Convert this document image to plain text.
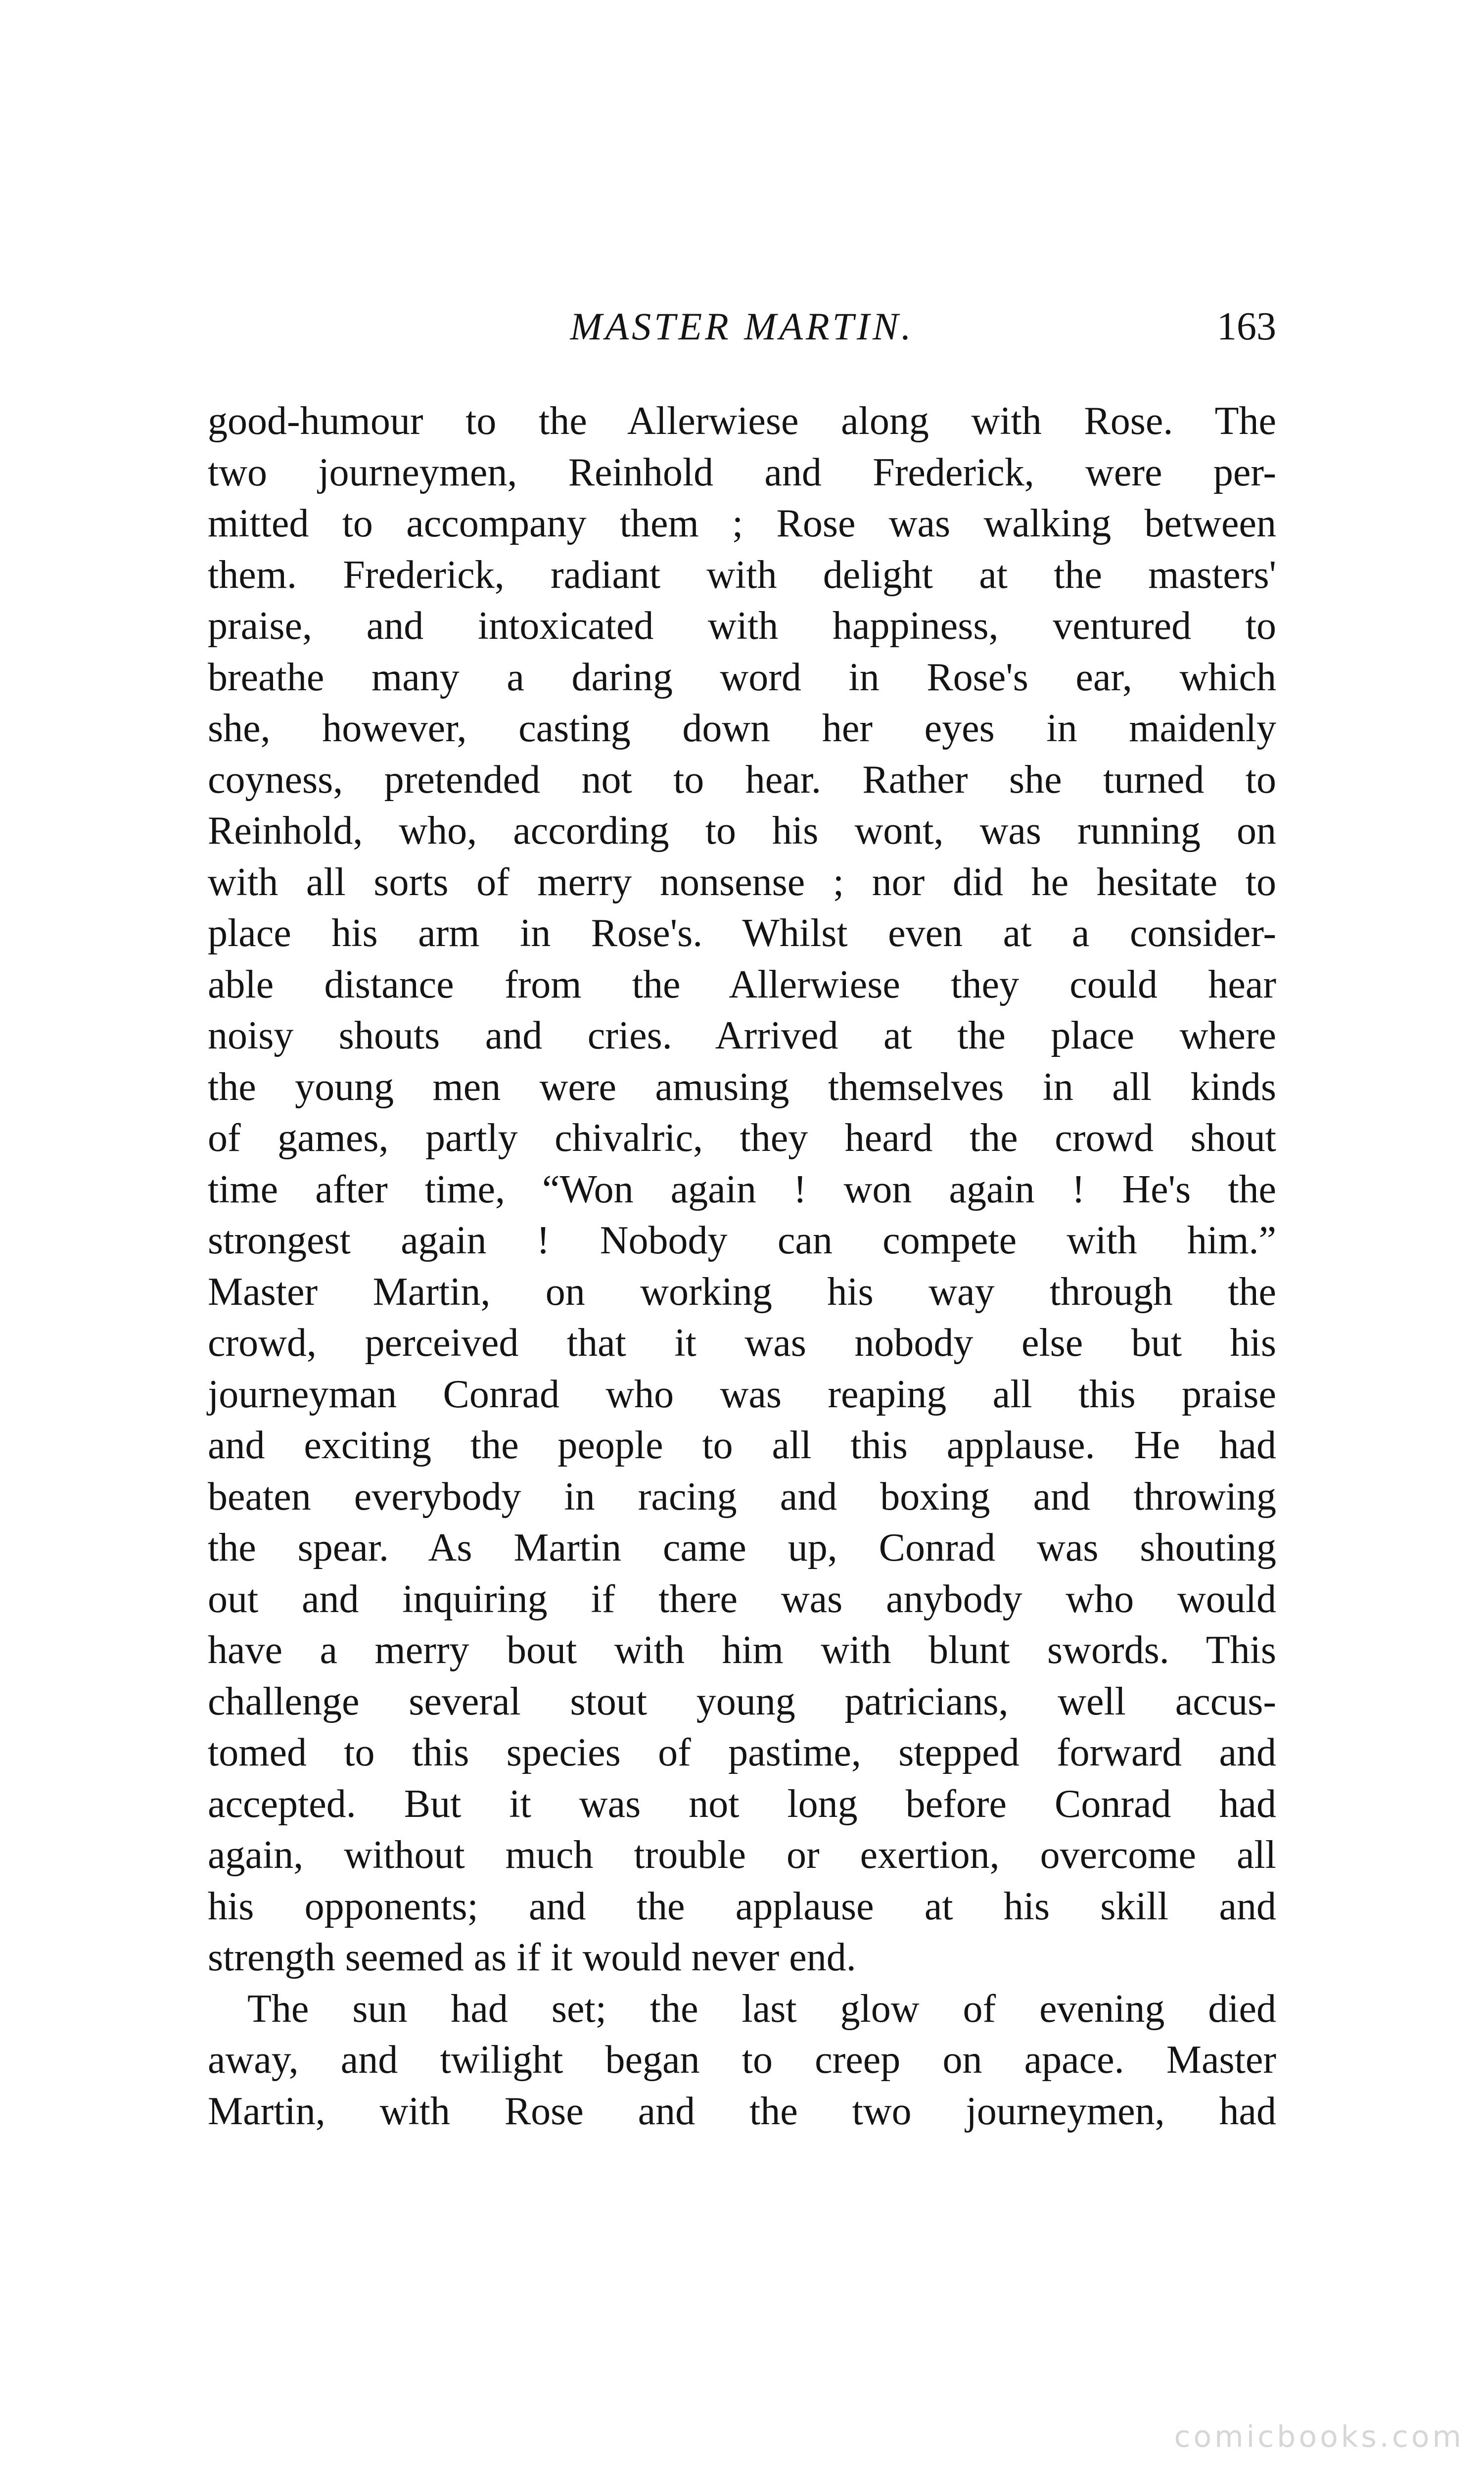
MASTER MARTIN.	163
good-humour to the Allerwiese along with Rose. The
two journeymen, Reinhold and Frederick, were per-
mitted to accompany them ; Rose was walking between
them. Frederick, radiant with delight at the masters'
praise, and intoxicated with happiness, ventured to
breathe many a daring word in Rose's ear, which
she, however, casting down her eyes in maidenly
coyness, pretended not to hear. Rather she turned to
Reinhold, who, according to his wont, was running on
with all sorts of merry nonsense ; nor did he hesitate to
place his arm in Rose's. Whilst even at a consider-
able distance from the Allerwiese they could hear
noisy shouts and cries. Arrived at the place where
the young men were amusing themselves in all kinds
of games, partly chivalric, they heard the crowd shout
time after time, “Won again ! won again ! He's the
strongest again ! Nobody can compete with him.”
Master Martin, on working his way through the
crowd, perceived that it was nobody else but his
journeyman Conrad who was reaping all this praise
and exciting the people to all this applause. He had
beaten everybody in racing and boxing and throwing
the spear. As Martin came up, Conrad was shouting
out and inquiring if there was anybody who would
have a merry bout with him with blunt swords. This
challenge several stout young patricians, well accus-
tomed to this species of pastime, stepped forward and
accepted. But it was not long before Conrad had
again, without much trouble or exertion, overcome all
his opponents; and the applause at his skill and
strength seemed as if it would never end.
The sun had set; the last glow of evening died
away, and twilight began to creep on apace. Master
Martin, with Rose and the two journeymen, had
comicbooks.com
